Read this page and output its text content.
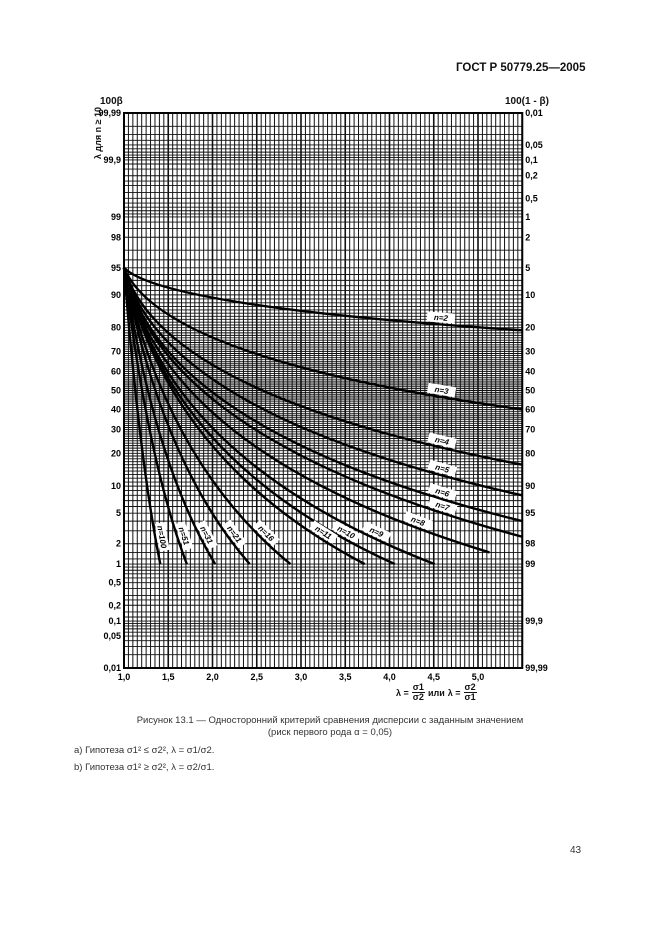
ГОСТ Р 50779.25—2005
100β	100(1 - β)
λ для n ≥ 10
n=2
n=3
n=4
n=5
n=6
n=7
n=8
n=9
n=10
n=11
n=16
n=21
n=31
n=51
n=100
1,0	1,5	2,0	2,5	3,0	3,5	4,0	4,5	5,0
99,99
99,9
99
98
95
90
80
70
60
50
40
30
20
10
5
2
1
0,5
0,2
0,1
0,05
0,01
0,01
0,05
0,1
0,2
0,5
1
2
5
10
20
30
40
50
60
70
80
90
95
98
99
99,9
99,99
$\lambda = \frac{\sigma 1}{\sigma 2}$ или $\lambda = \frac{\sigma 2}{\sigma 1}$
Рисунок 13.1 — Односторонний критерий сравнения дисперсии с заданным значением
(риск первого рода α = 0,05)
a) Гипотеза σ1² ≤ σ2², λ = σ1/σ2.
b) Гипотеза σ1² ≥ σ2², λ = σ2/σ1.
43
